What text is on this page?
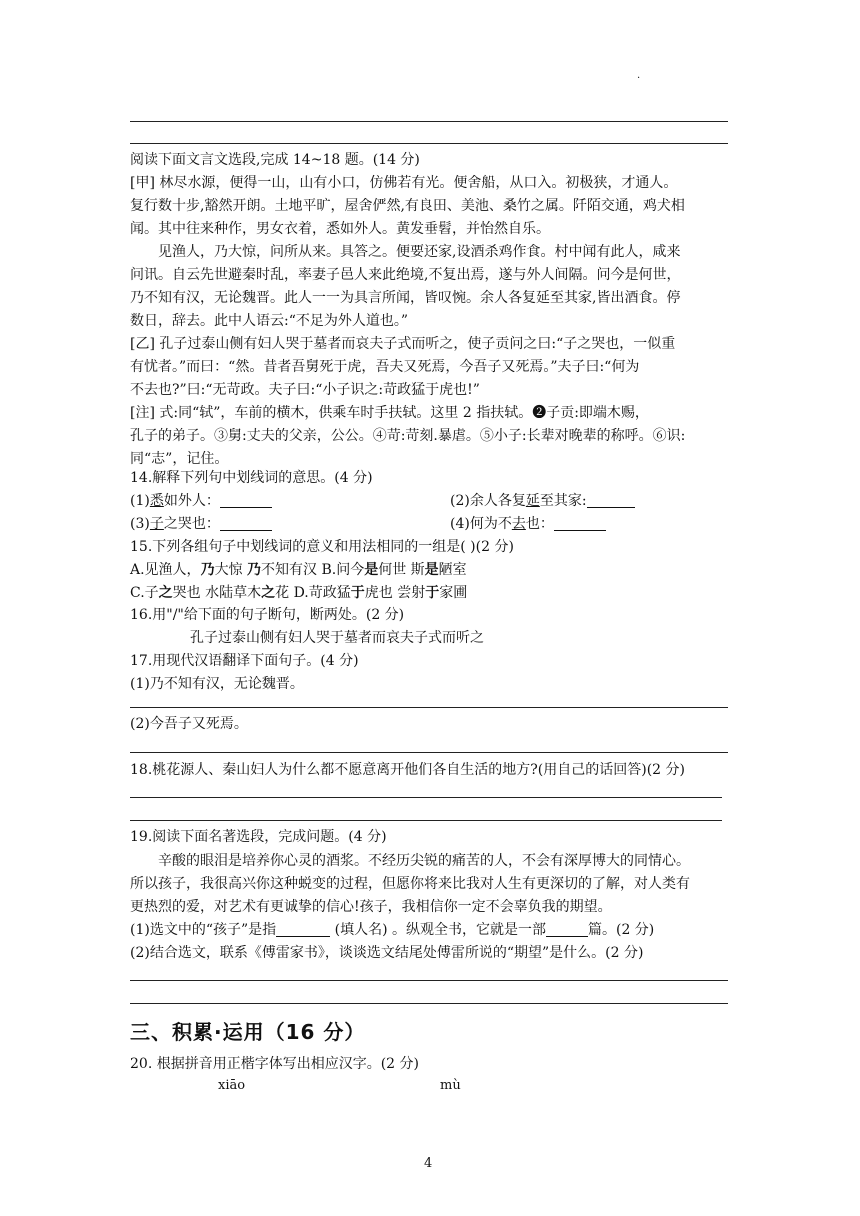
.
阅读下面文言文选段,完成 14~18 题。(14 分)
[甲] 林尽水源，便得一山，山有小口，仿佛若有光。便舍船，从口入。初极狭，才通人。
复行数十步,豁然开朗。土地平旷，屋舍俨然,有良田、美池、桑竹之属。阡陌交通，鸡犬相
闻。其中往来种作，男女衣着，悉如外人。黄发垂髫，并怡然自乐。
见渔人，乃大惊，问所从来。具答之。便要还家,设酒杀鸡作食。村中闻有此人，咸来
问讯。自云先世避秦时乱，率妻子邑人来此绝境,不复出焉，遂与外人间隔。问今是何世，
乃不知有汉，无论魏晋。此人一一为具言所闻，皆叹惋。余人各复延至其家,皆出酒食。停
数日，辞去。此中人语云:“不足为外人道也。”
[乙] 孔子过泰山侧有妇人哭于墓者而哀夫子式而听之，使子贡问之曰:“子之哭也，一似重
有忧者。”而曰：“然。昔者吾舅死于虎，吾夫又死焉，今吾子又死焉。”夫子曰:“何为
不去也?”曰:“无苛政。夫子曰:“小子识之:苛政猛于虎也!”
[注] 式:同“轼”，车前的横木，供乘车时手扶轼。这里 2 指扶轼。❷子贡:即端木赐，
孔子的弟子。③舅:丈夫的父亲，公公。④苛:苛刻.暴虐。⑤小子:长辈对晚辈的称呼。⑥识:
同“志”，记住。
14.解释下列句中划线词的意思。(4 分)
(1)悉如外人：	(2)余人各复延至其家:
(3)子之哭也：	(4)何为不去也：
15.下列各组句子中划线词的意义和用法相同的一组是( )(2 分)
A.见渔人，乃大惊 乃不知有汉 B.问今是何世 斯是陋室
C.子之哭也 水陆草木之花 D.苛政猛于虎也 尝射于家圃
16.用"/"给下面的句子断句，断两处。(2 分)
孔子过泰山侧有妇人哭于墓者而哀夫子式而听之
17.用现代汉语翻译下面句子。(4 分)
(1)乃不知有汉，无论魏晋。
(2)今吾子又死焉。
18.桃花源人、秦山妇人为什么都不愿意离开他们各自生活的地方?(用自己的话回答)(2 分)
19.阅读下面名著选段，完成问题。(4 分)
辛酸的眼泪是培养你心灵的酒浆。不经历尖锐的痛苦的人，不会有深厚博大的同情心。
所以孩子，我很高兴你这种蜕变的过程，但愿你将来比我对人生有更深切的了解，对人类有
更热烈的爱，对艺术有更诚挚的信心!孩子，我相信你一定不会辜负我的期望。
(1)选文中的“孩子”是指	(填人名) 。纵观全书，它就是一部	篇。(2 分)
(2)结合选文，联系《傅雷家书》，谈谈选文结尾处傅雷所说的“期望”是什么。(2 分)
三、积累·运用（16 分）
20. 根据拼音用正楷字体写出相应汉字。(2 分)
xiāo	mù
4
